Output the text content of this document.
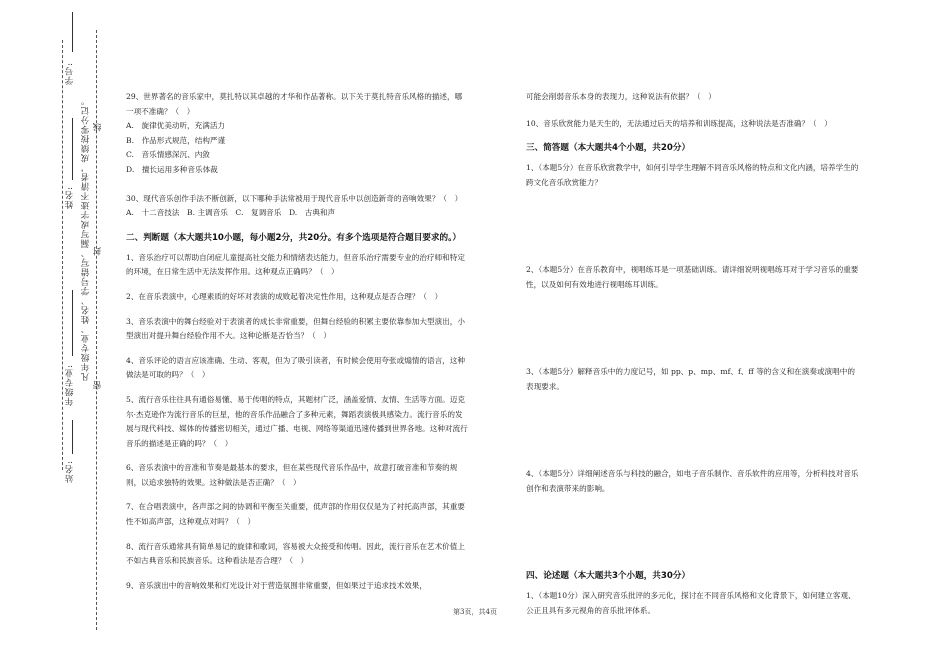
学号:
姓名:
年级专业:
站名:
凡年级专业、姓名、学号错写、漏写或字迹不清者，成绩按零分记。 线
封
密

29、世界著名的音乐家中，莫扎特以其卓越的才华和作品著称。以下关于莫扎特音乐风格的描述，哪一项不准确？（　）

A.　旋律优美动听，充满活力

B.　作品形式规范，结构严谨

C.　音乐情感深沉、内敛

D.　擅长运用多种音乐体裁

30、现代音乐创作手法不断创新，以下哪种手法常被用于现代音乐中以创造新奇的音响效果？（　）

A.　十二音技法　B. 主调音乐　C.　复调音乐　D.　古典和声

二、判断题（本大题共10小题，每小题2分，共20分。有多个选项是符合题目要求的。）

1、音乐治疗可以帮助自闭症儿童提高社交能力和情绪表达能力，但音乐治疗需要专业的治疗师和特定的环境，在日常生活中无法发挥作用。这种观点正确吗？（　）

2、在音乐表演中，心理素质的好坏对表演的成败起着决定性作用，这种观点是否合理？（　）

3、音乐表演中的舞台经验对于表演者的成长非常重要，但舞台经验的积累主要依靠参加大型演出，小型演出对提升舞台经验作用不大。这种论断是否恰当？（　）

4、音乐评论的语言应该准确、生动、客观，但为了吸引读者，有时候会使用夸张或煽情的语言，这种做法是可取的吗？（　）

5、流行音乐往往具有通俗易懂、易于传唱的特点，其题材广泛，涵盖爱情、友情、生活等方面。迈克尔·杰克逊作为流行音乐的巨星，他的音乐作品融合了多种元素，舞蹈表演极具感染力。流行音乐的发展与现代科技、媒体的传播密切相关，通过广播、电视、网络等渠道迅速传播到世界各地。这种对流行音乐的描述是正确的吗？（　）

6、音乐表演中的音准和节奏是最基本的要求，但在某些现代音乐作品中，故意打破音准和节奏的规则，以追求独特的效果。这种做法是否正确？（　）

7、在合唱表演中，各声部之间的协调和平衡至关重要，低声部的作用仅仅是为了衬托高声部，其重要性不如高声部，这种观点对吗？（　）

8、流行音乐通常具有简单易记的旋律和歌词，容易被大众接受和传唱。因此，流行音乐在艺术价值上不如古典音乐和民族音乐。这种看法是否合理？（　）

9、音乐演出中的音响效果和灯光设计对于营造氛围非常重要，但如果过于追求技术效果，

可能会削弱音乐本身的表现力，这种说法有依据？（　）

10、音乐欣赏能力是天生的，无法通过后天的培养和训练提高，这种说法是否准确？（　）

三、简答题（本大题共4个小题，共20分）

1、（本题5分）在音乐欣赏教学中，如何引导学生理解不同音乐风格的特点和文化内涵，培养学生的跨文化音乐欣赏能力？

2、（本题5分）在音乐教育中，视唱练耳是一项基础训练。请详细说明视唱练耳对于学习音乐的重要性，以及如何有效地进行视唱练耳训练。

3、（本题5分）解释音乐中的力度记号，如 pp、p、mp、mf、f、ff 等的含义和在演奏或演唱中的表现要求。

4、（本题5分）详细阐述音乐与科技的融合，如电子音乐制作、音乐软件的应用等，分析科技对音乐创作和表演带来的影响。

四、论述题（本大题共3个小题，共30分）

1、（本题10分）深入研究音乐批评的多元化，探讨在不同音乐风格和文化背景下，如何建立客观、公正且具有多元视角的音乐批评体系。

第3页，共4页
